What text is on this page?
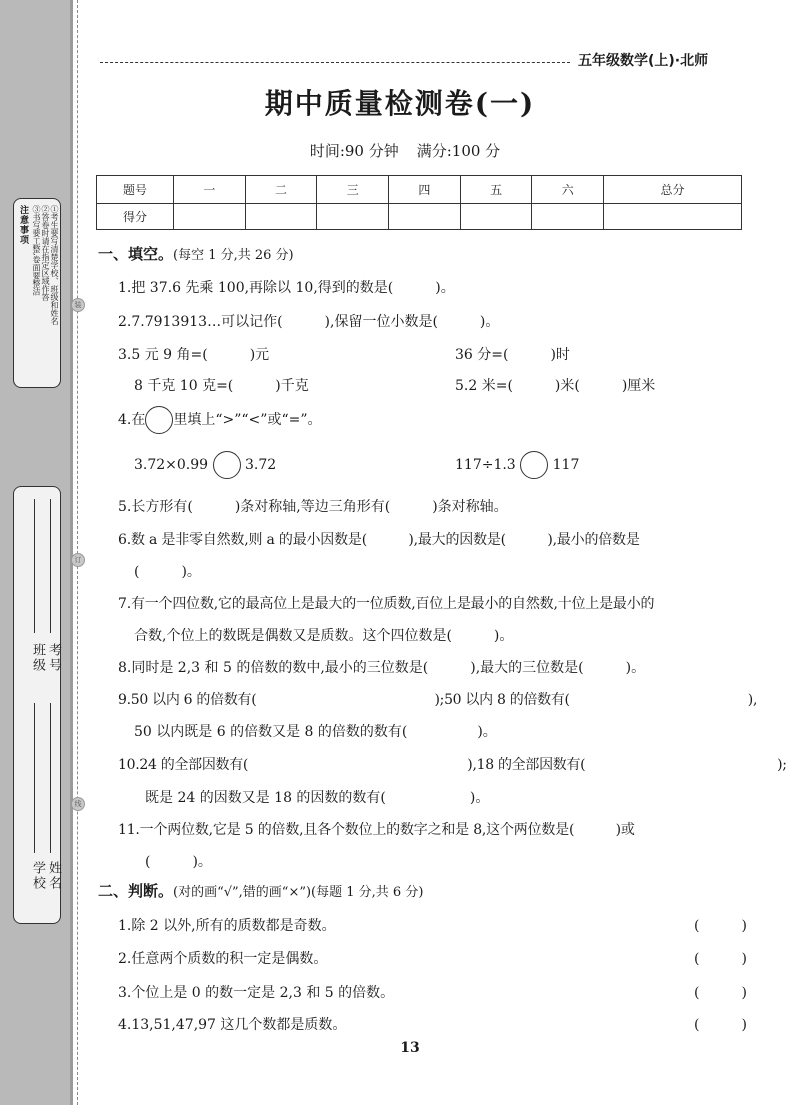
装
订
线
注意事项	①考生要写清楚学校、班级和姓名
②答卷时请在指定区域作答
③书写要工整,卷面要整洁
班级 考号
学校 姓名
五年级数学(上)·北师
期中质量检测卷(一)
时间:90 分钟 满分:100 分
题号	一	二	三	四	五	六	总分
得分							
一、填空。(每空 1 分,共 26 分)
1.把 37.6 先乘 100,再除以 10,得到的数是(　　　)。
2.7.7913913…可以记作(　　　),保留一位小数是(　　　)。
3.5 元 9 角=(　　　)元	36 分=(　　　)时
8 千克 10 克=(　　　)千克	5.2 米=(　　　)米(　　　)厘米
4.在 里填上“>”“<”或“=”。
3.72×0.99	3.72	117÷1.3	117
5.长方形有(　　　)条对称轴,等边三角形有(　　　)条对称轴。
6.数 a 是非零自然数,则 a 的最小因数是(　　　),最大的因数是(　　　),最小的倍数是
(　　　)。
7.有一个四位数,它的最高位上是最大的一位质数,百位上是最小的自然数,十位上是最小的
合数,个位上的数既是偶数又是质数。这个四位数是(　　　)。
8.同时是 2,3 和 5 的倍数的数中,最小的三位数是(　　　),最大的三位数是(　　　)。
9.50 以内 6 的倍数有(　　　　　　　　　　　　　);50 以内 8 的倍数有(　　　　　　　　　　　　　),
50 以内既是 6 的倍数又是 8 的倍数的数有(　　　　　)。
10.24 的全部因数有(　　　　　　　　　　　　　　　　),18 的全部因数有(　　　　　　　　　　　　　　);
既是 24 的因数又是 18 的因数的数有(　　　　　　)。
11.一个两位数,它是 5 的倍数,且各个数位上的数字之和是 8,这个两位数是(　　　)或
(　　　)。
二、判断。(对的画“√”,错的画“×”)(每题 1 分,共 6 分)
1.除 2 以外,所有的质数都是奇数。	(　　　)
2.任意两个质数的积一定是偶数。	(　　　)
3.个位上是 0 的数一定是 2,3 和 5 的倍数。	(　　　)
4.13,51,47,97 这几个数都是质数。	(　　　)
13
